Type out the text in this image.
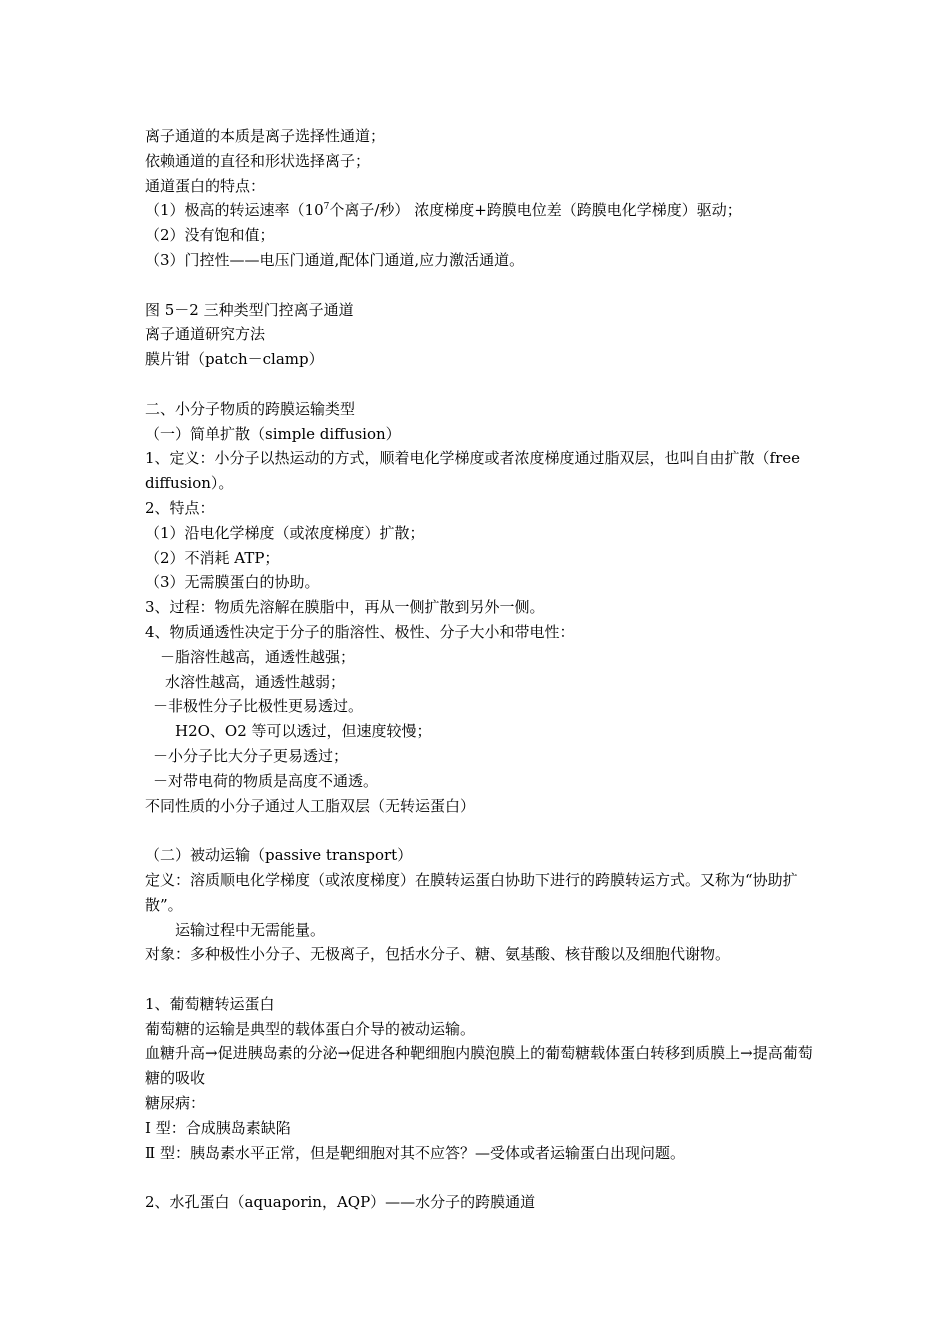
离子通道的本质是离子选择性通道；
依赖通道的直径和形状选择离子；
通道蛋白的特点：
（1）极高的转运速率（$10^7$个离子/秒） 浓度梯度+跨膜电位差（跨膜电化学梯度）驱动；
（2）没有饱和值；
（3）门控性——电压门通道,配体门通道,应力激活通道。
图 5－2 三种类型门控离子通道
离子通道研究方法
膜片钳（patch－clamp）
二、小分子物质的跨膜运输类型
（一）简单扩散（simple diffusion）
1、定义：小分子以热运动的方式，顺着电化学梯度或者浓度梯度通过脂双层，也叫自由扩散（free diffusion）。
2、特点：
（1）沿电化学梯度（或浓度梯度）扩散；
（2）不消耗 ATP；
（3）无需膜蛋白的协助。
3、过程：物质先溶解在膜脂中，再从一侧扩散到另外一侧。
4、物质通透性决定于分子的脂溶性、极性、分子大小和带电性：
－脂溶性越高，通透性越强；
水溶性越高，通透性越弱；
－非极性分子比极性更易透过。
H2O、O2 等可以透过，但速度较慢；
－小分子比大分子更易透过；
－对带电荷的物质是高度不通透。
不同性质的小分子通过人工脂双层（无转运蛋白）
（二）被动运输（passive transport）
定义：溶质顺电化学梯度（或浓度梯度）在膜转运蛋白协助下进行的跨膜转运方式。又称为“协助扩散”。
运输过程中无需能量。
对象：多种极性小分子、无极离子，包括水分子、糖、氨基酸、核苷酸以及细胞代谢物。
1、葡萄糖转运蛋白
葡萄糖的运输是典型的载体蛋白介导的被动运输。
血糖升高→促进胰岛素的分泌→促进各种靶细胞内膜泡膜上的葡萄糖载体蛋白转移到质膜上→提高葡萄糖的吸收
糖尿病：
Ⅰ 型：合成胰岛素缺陷
Ⅱ 型：胰岛素水平正常，但是靶细胞对其不应答？—受体或者运输蛋白出现问题。
2、水孔蛋白（aquaporin，AQP）——水分子的跨膜通道
